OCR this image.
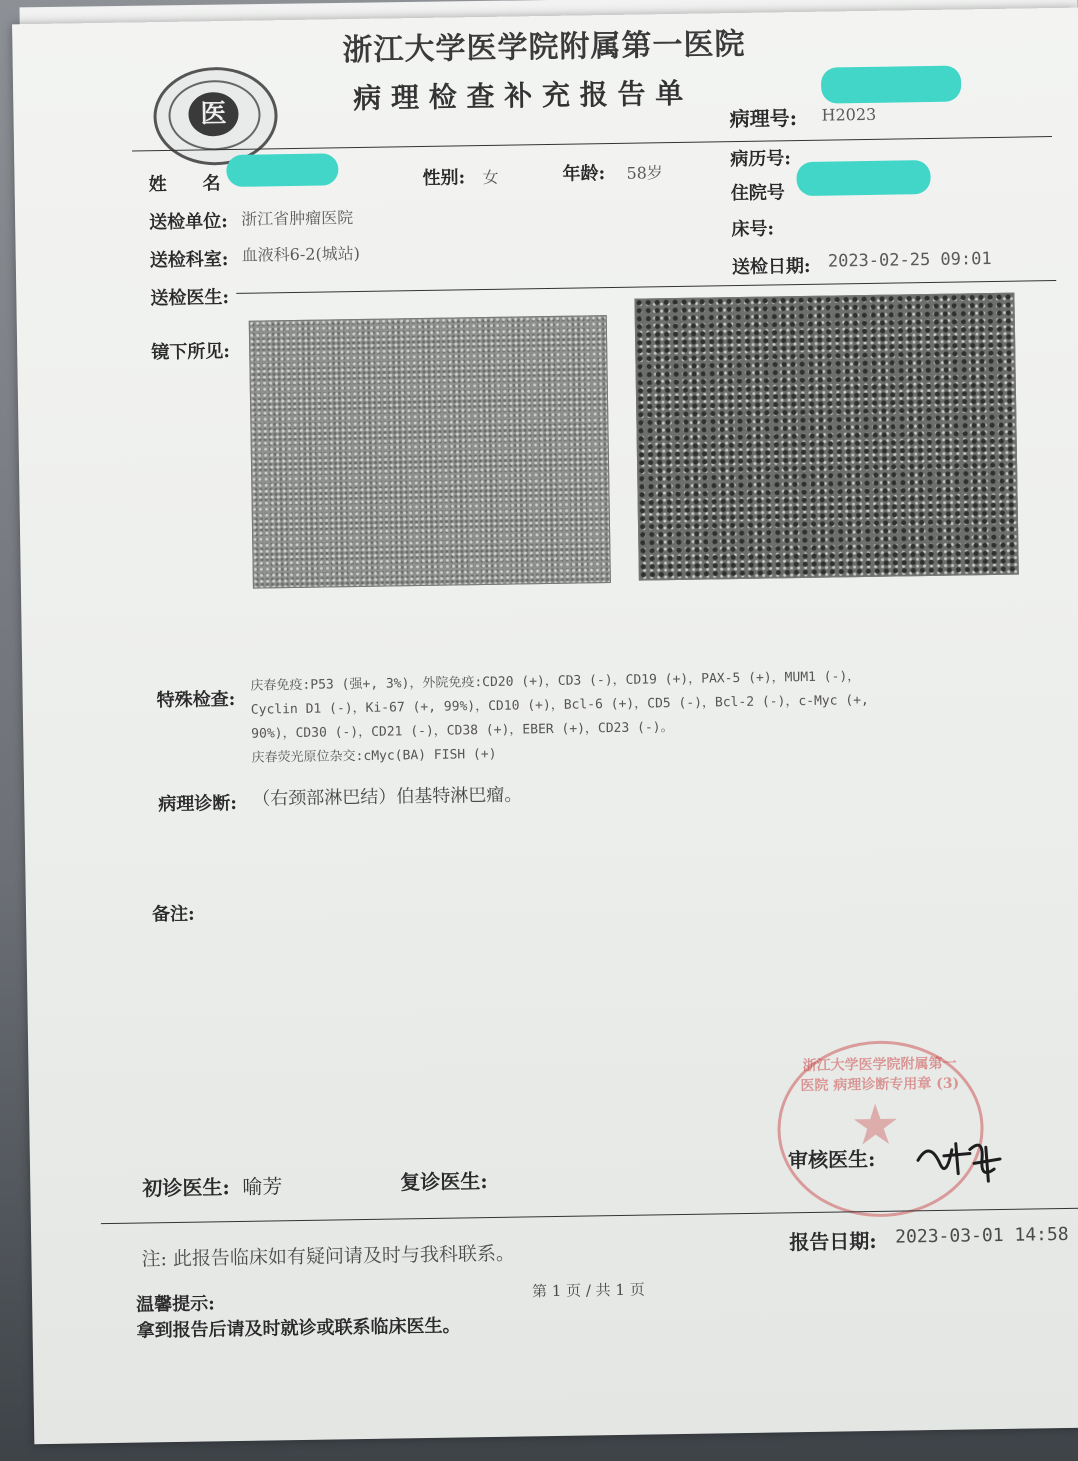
医
浙江大学医学院附属第一医院
病 理 检 查 补 充 报 告 单
病理号: H2023
姓　　名	性别: 女	年龄: 58岁
病历号:
住院号
床号:
送检单位: 浙江省肿瘤医院
送检科室: 血液科6-2(城站)
送检日期: 2023-02-25 09:01
送检医生:
镜下所见:
特殊检查:
庆春免疫:P53 (强+, 3%)，外院免疫:CD20 (+)，CD3 (-)，CD19 (+)，PAX-5 (+)，MUM1 (-)，
Cyclin D1 (-)，Ki-67 (+, 99%)，CD10 (+)，Bcl-6 (+)，CD5 (-)，Bcl-2 (-)，c-Myc (+,
90%)，CD30 (-)，CD21 (-)，CD38 (+)，EBER (+)，CD23 (-)。
庆春荧光原位杂交:cMyc(BA) FISH (+)
病理诊断: （右颈部淋巴结）伯基特淋巴瘤。
备注:
浙江大学医学院附属第一医院 病理诊断专用章 (3)
★
初诊医生: 喻芳	复诊医生:
审核医生:
注: 此报告临床如有疑问请及时与我科联系。
报告日期: 2023-03-01 14:58
温馨提示:
第 1 页 / 共 1 页
拿到报告后请及时就诊或联系临床医生。
